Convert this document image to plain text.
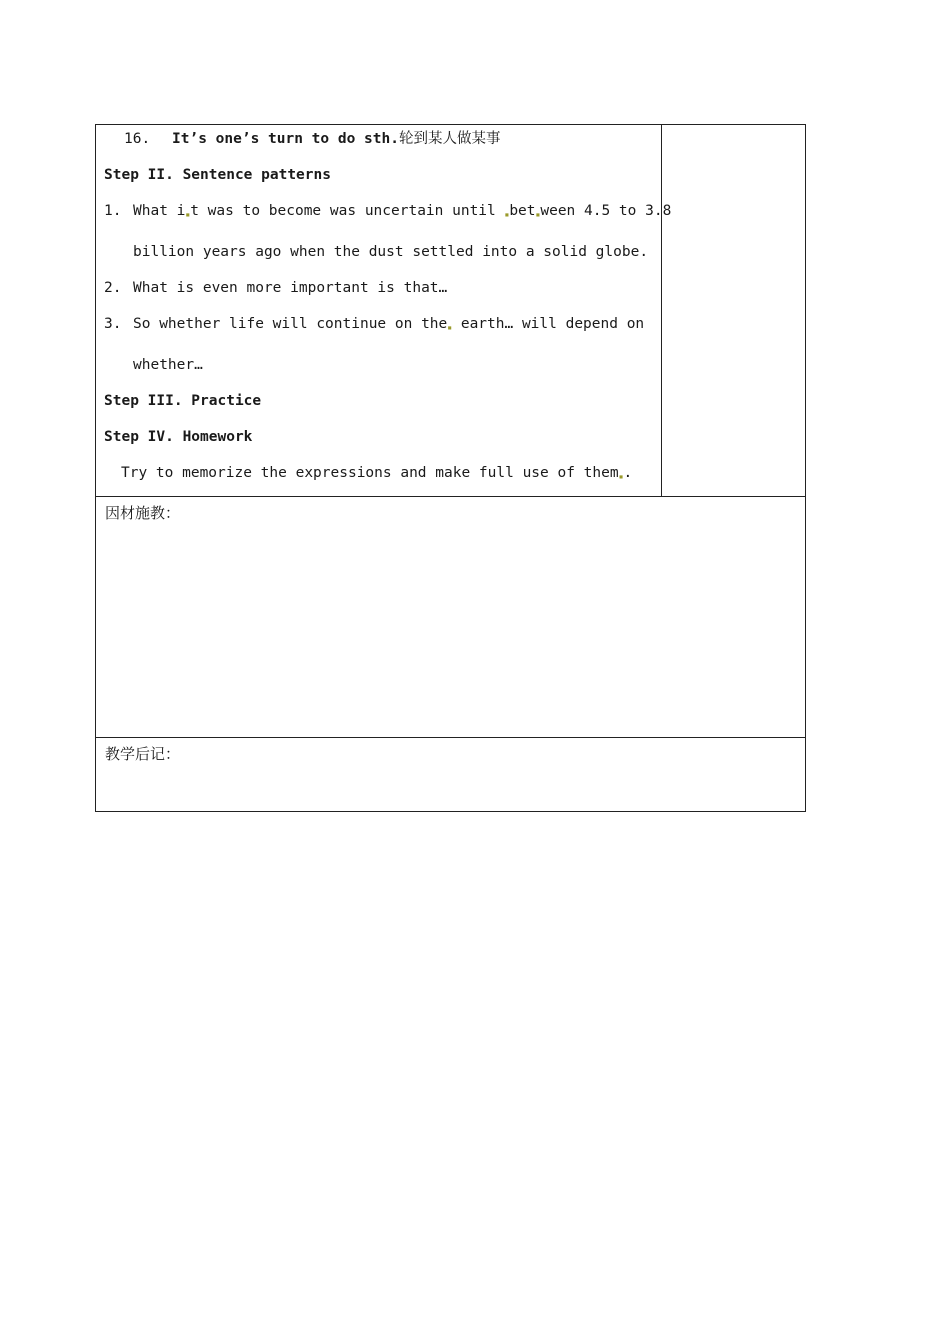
16. It’s one’s turn to do sth.轮到某人做某事
Step II. Sentence patterns
1. What i▪t was to become was uncertain until ▪bet▪ween 4.5 to 3.8
billion years ago when the dust settled into a solid globe.
2. What is even more important is that…
3. So whether life will continue on the▪ earth… will depend on
whether…
Step III. Practice
Step IV. Homework
Try to memorize the expressions and make full use of them▪.

因材施教：

教学后记：
